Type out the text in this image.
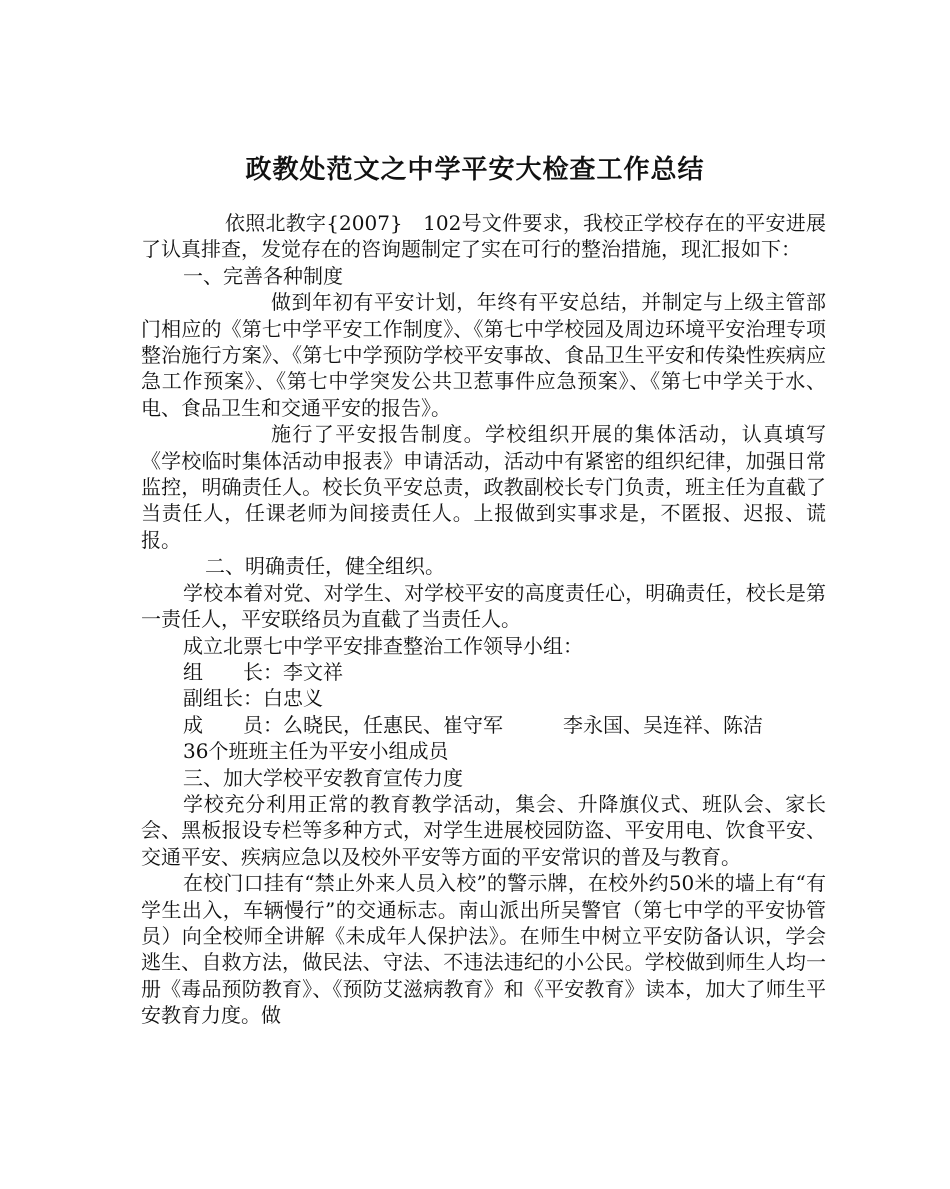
政教处范文之中学平安大检查工作总结

依照北教字{2007}　102号文件要求，我校正学校存在的平安进展了认真排查，发觉存在的咨询题制定了实在可行的整治措施，现汇报如下：

一、完善各种制度

做到年初有平安计划，年终有平安总结，并制定与上级主管部门相应的《第七中学平安工作制度》、《第七中学校园及周边环境平安治理专项整治施行方案》、《第七中学预防学校平安事故、食品卫生平安和传染性疾病应急工作预案》、《第七中学突发公共卫惹事件应急预案》、《第七中学关于水、电、食品卫生和交通平安的报告》。

施行了平安报告制度。学校组织开展的集体活动，认真填写《学校临时集体活动申报表》申请活动，活动中有紧密的组织纪律，加强日常监控，明确责任人。校长负平安总责，政教副校长专门负责，班主任为直截了当责任人，任课老师为间接责任人。上报做到实事求是，不匿报、迟报、谎报。

二、明确责任，健全组织。

学校本着对党、对学生、对学校平安的高度责任心，明确责任，校长是第一责任人，平安联络员为直截了当责任人。

成立北票七中学平安排查整治工作领导小组：

组　　长：李文祥

副组长：白忠义

成　　员：么晓民，任惠民、崔守军　　　李永国、吴连祥、陈洁

36个班班主任为平安小组成员

三、加大学校平安教育宣传力度

学校充分利用正常的教育教学活动，集会、升降旗仪式、班队会、家长会、黑板报设专栏等多种方式，对学生进展校园防盗、平安用电、饮食平安、交通平安、疾病应急以及校外平安等方面的平安常识的普及与教育。

在校门口挂有“禁止外来人员入校”的警示牌，在校外约50米的墙上有“有学生出入，车辆慢行”的交通标志。南山派出所吴警官（第七中学的平安协管员）向全校师全讲解《未成年人保护法》。在师生中树立平安防备认识，学会逃生、自救方法，做民法、守法、不违法违纪的小公民。学校做到师生人均一册《毒品预防教育》、《预防艾滋病教育》和《平安教育》读本，加大了师生平安教育力度。做
